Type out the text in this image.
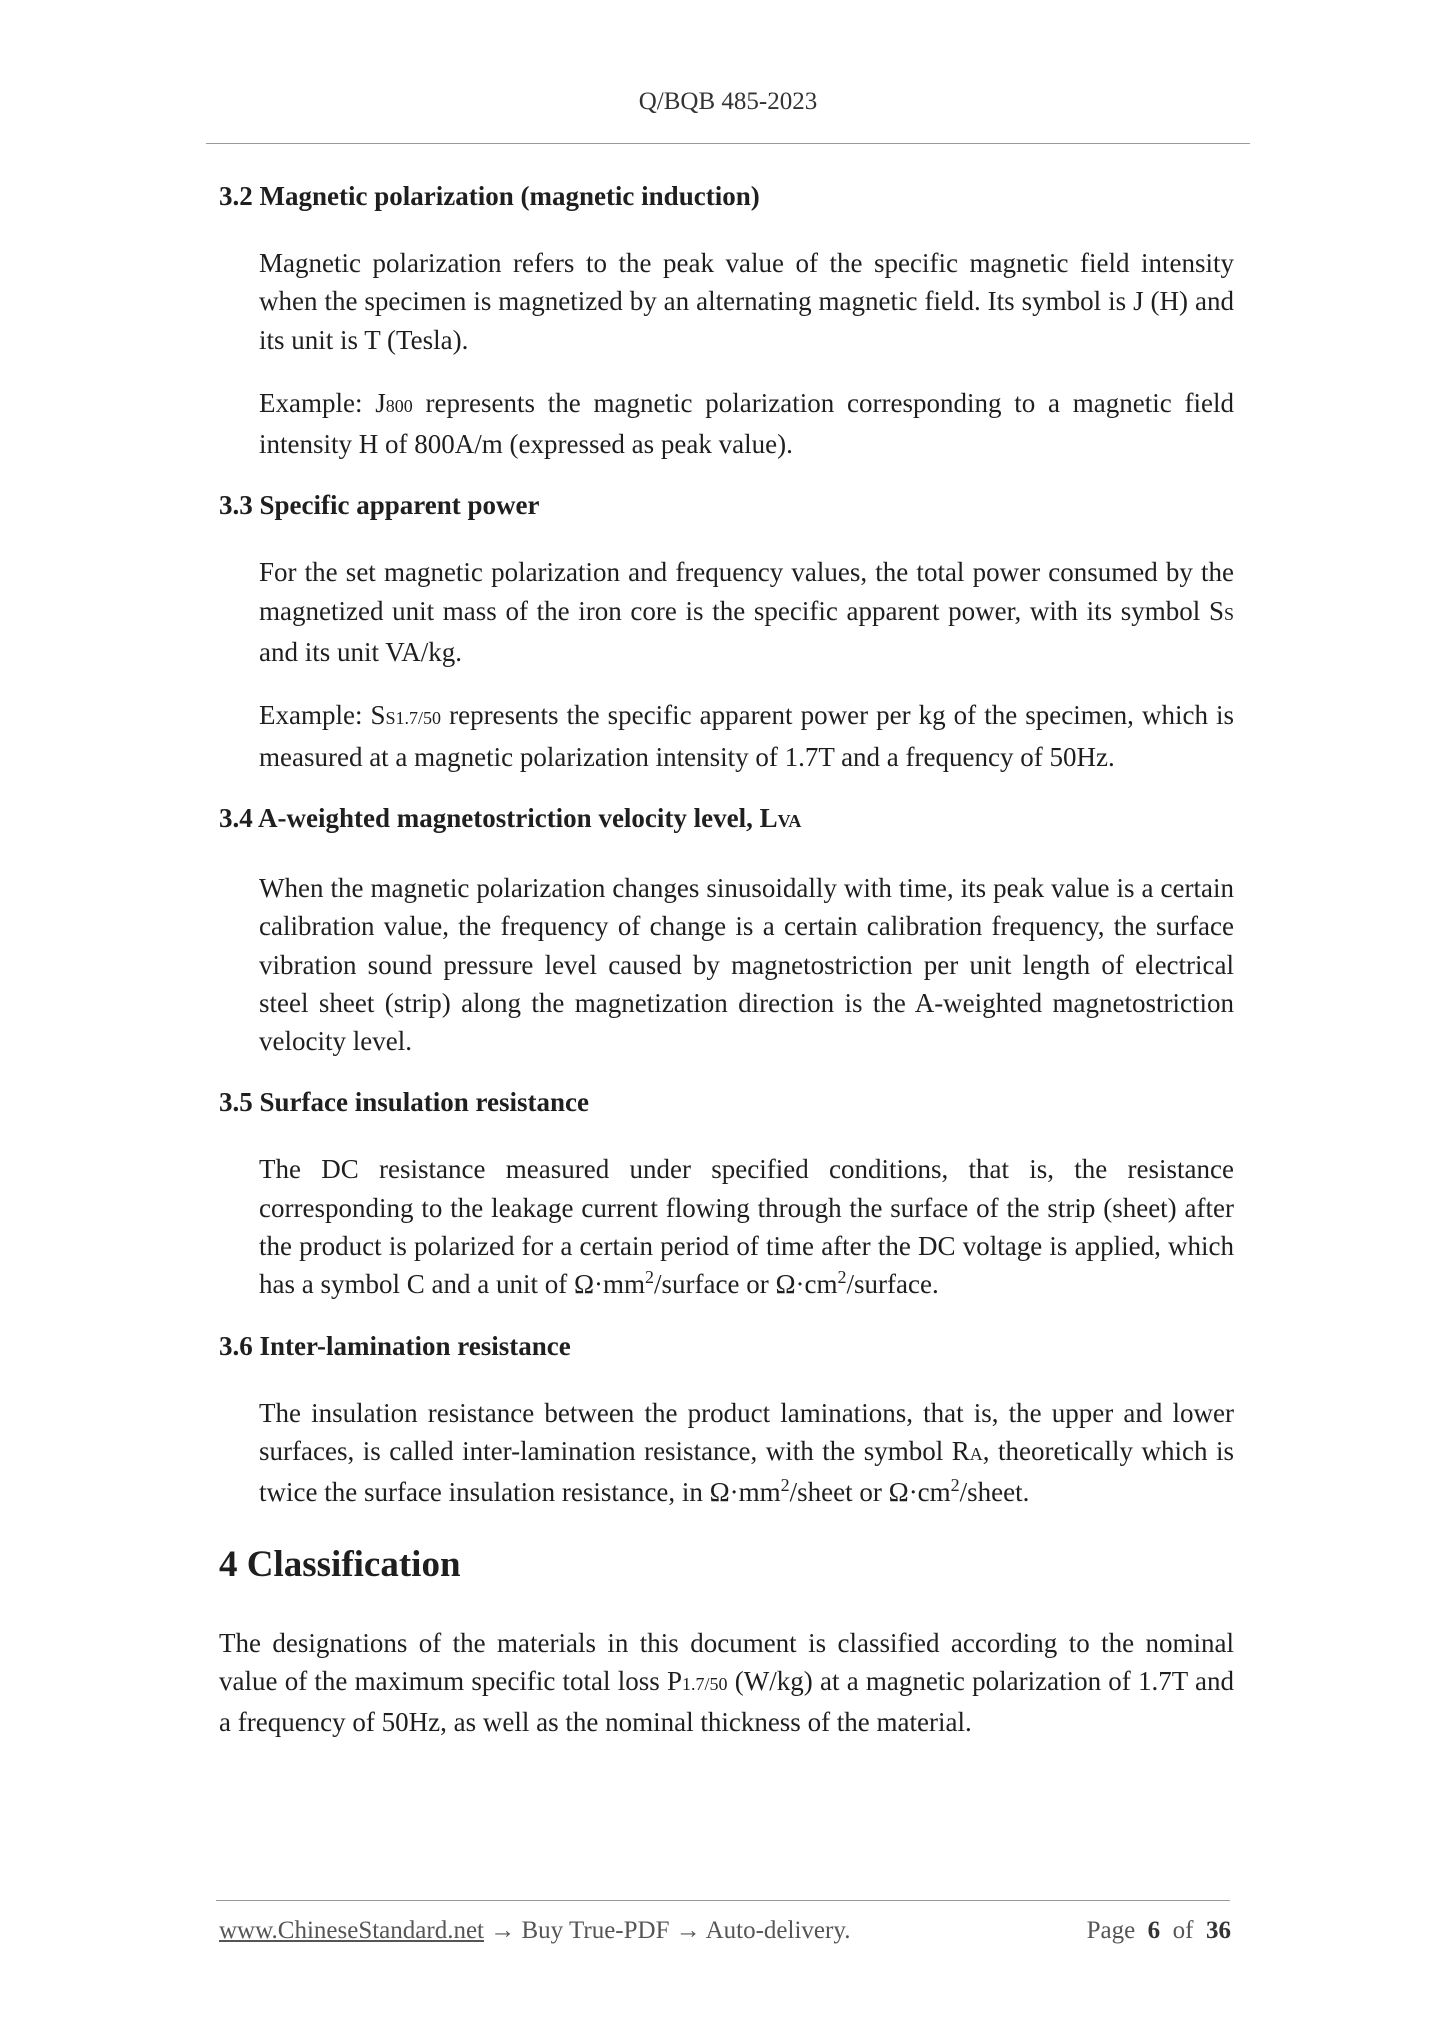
Q/BQB 485-2023
3.2 Magnetic polarization (magnetic induction)

Magnetic polarization refers to the peak value of the specific magnetic field intensity when the specimen is magnetized by an alternating magnetic field. Its symbol is J (H) and its unit is T (Tesla).

Example: J800 represents the magnetic polarization corresponding to a magnetic field intensity H of 800A/m (expressed as peak value).

3.3 Specific apparent power

For the set magnetic polarization and frequency values, the total power consumed by the magnetized unit mass of the iron core is the specific apparent power, with its symbol SS and its unit VA/kg.

Example: SS1.7/50 represents the specific apparent power per kg of the specimen, which is measured at a magnetic polarization intensity of 1.7T and a frequency of 50Hz.

3.4 A-weighted magnetostriction velocity level, LVA

When the magnetic polarization changes sinusoidally with time, its peak value is a certain calibration value, the frequency of change is a certain calibration frequency, the surface vibration sound pressure level caused by magnetostriction per unit length of electrical steel sheet (strip) along the magnetization direction is the A-weighted magnetostriction velocity level.

3.5 Surface insulation resistance

The DC resistance measured under specified conditions, that is, the resistance corresponding to the leakage current flowing through the surface of the strip (sheet) after the product is polarized for a certain period of time after the DC voltage is applied, which has a symbol C and a unit of $\Omega\cdot mm^2$/surface or $\Omega\cdot cm^2$/surface.

3.6 Inter-lamination resistance

The insulation resistance between the product laminations, that is, the upper and lower surfaces, is called inter-lamination resistance, with the symbol RA, theoretically which is twice the surface insulation resistance, in $\Omega\cdot mm^2$/sheet or $\Omega\cdot cm^2$/sheet.

4 Classification

The designations of the materials in this document is classified according to the nominal value of the maximum specific total loss P1.7/50 (W/kg) at a magnetic polarization of 1.7T and a frequency of 50Hz, as well as the nominal thickness of the material.

www.ChineseStandard.net → Buy True-PDF → Auto-delivery.	Page 6 of 36
